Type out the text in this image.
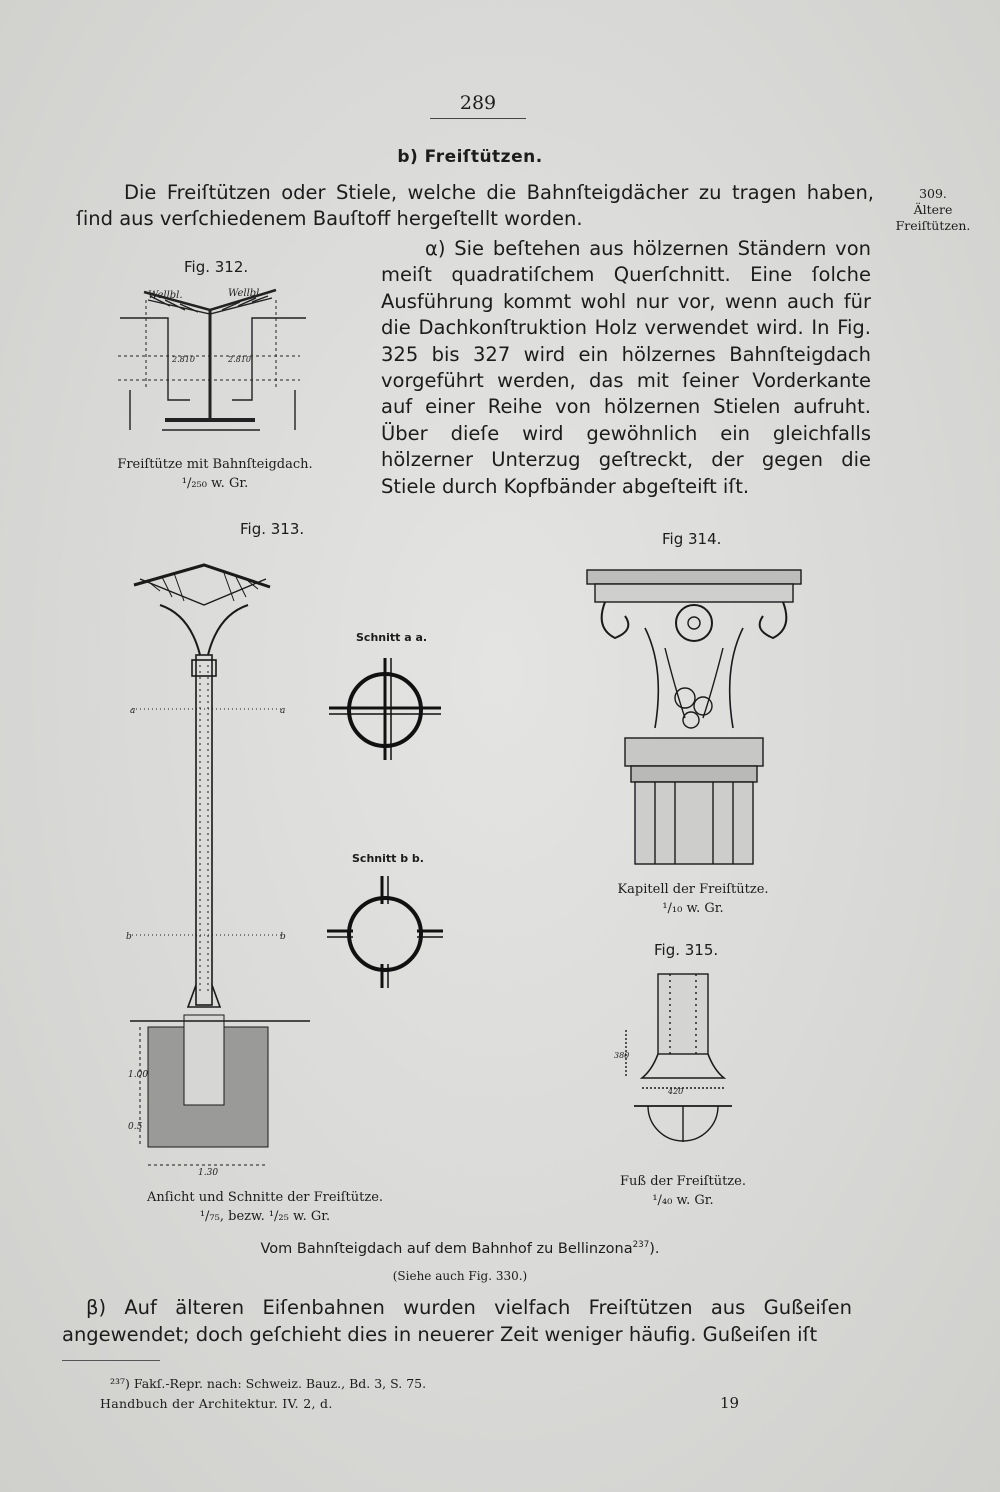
289
b) Freiſtützen.
Die Freiſtützen oder Stiele, welche die Bahnſteigdächer zu tragen haben, ſind aus verſchiedenem Bauſtoff hergeſtellt worden.
309.
Ältere
Freiſtützen.
α) Sie beſtehen aus hölzernen Ständern von meiſt quadratiſchem Querſchnitt. Eine ſolche Ausführung kommt wohl nur vor, wenn auch für die Dachkonſtruktion Holz verwendet wird. In Fig. 325 bis 327 wird ein hölzernes Bahnſteigdach vorgeführt werden, das mit ſeiner Vorderkante auf einer Reihe von hölzernen Stielen aufruht. Über dieſe wird gewöhnlich ein gleichfalls hölzerner Unterzug geſtreckt, der gegen die Stiele durch Kopfbänder abgeſteift iſt.
Fig. 312.
Wellbl.	Wellbl.
2.810	2.810
Freiſtütze mit Bahnſteigdach.
¹/₂₅₀ w. Gr.
Fig. 313.
a	a
b	b
1.30
1.00
0.5
Schnitt a a.
Schnitt b b.
Anſicht und Schnitte der Freiſtütze.
¹/₇₅, bezw. ¹/₂₅ w. Gr.
Fig 314.
Kapitell der Freiſtütze.
¹/₁₀ w. Gr.
Fig. 315.
420
380
Fuß der Freiſtütze.
¹/₄₀ w. Gr.
Vom Bahnſteigdach auf dem Bahnhof zu Bellinzona$^{237}$).
(Siehe auch Fig. 330.)
β) Auf älteren Eiſenbahnen wurden vielfach Freiſtützen aus Gußeiſen angewendet; doch geſchieht dies in neuerer Zeit weniger häufig. Gußeiſen iſt
²³⁷) Fakſ.-Repr. nach: Schweiz. Bauz., Bd. 3, S. 75.
Handbuch der Architektur. IV. 2, d.	19
